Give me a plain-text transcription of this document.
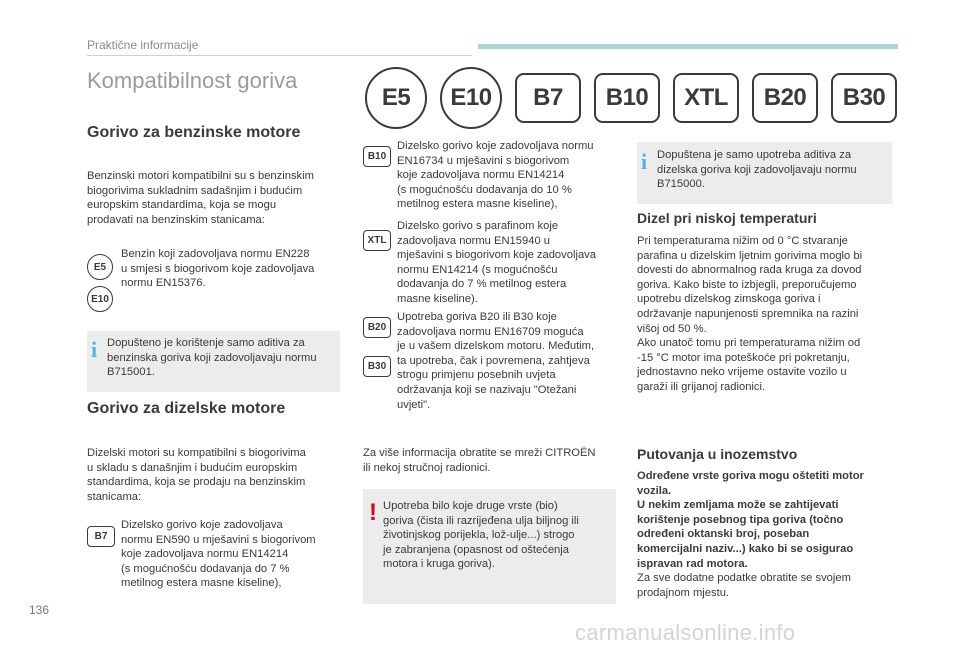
Praktične informacije
Kompatibilnost goriva
E5	E10	B7	B10	XTL	B20	B30
Gorivo za benzinske motore
Benzinski motori kompatibilni su s benzinskim
biogorivima sukladnim sadašnjim i budućim
europskim standardima, koja se mogu
prodavati na benzinskim stanicama:
E5
E10
Benzin koji zadovoljava normu EN228
u smjesi s biogorivom koje zadovoljava
normu EN15376.
i Dopušteno je korištenje samo aditiva za
benzinska goriva koji zadovoljavaju normu
B715001.
Gorivo za dizelske motore
Dizelski motori su kompatibilni s biogorivima
u skladu s današnjim i budućim europskim
standardima, koja se prodaju na benzinskim
stanicama:
B7
Dizelsko gorivo koje zadovoljava
normu EN590 u mješavini s biogorivom
koje zadovoljava normu EN14214
(s mogućnošću dodavanja do 7 %
metilnog estera masne kiseline),
B10
Dizelsko gorivo koje zadovoljava normu
EN16734 u mješavini s biogorivom
koje zadovoljava normu EN14214
(s mogućnošću dodavanja do 10 %
metilnog estera masne kiseline),
XTL
Dizelsko gorivo s parafinom koje
zadovoljava normu EN15940 u
mješavini s biogorivom koje zadovoljava
normu EN14214 (s mogućnošću
dodavanja do 7 % metilnog estera
masne kiseline).
B20
B30
Upotreba goriva B20 ili B30 koje
zadovoljava normu EN16709 moguća
je u vašem dizelskom motoru. Međutim,
ta upotreba, čak i povremena, zahtjeva
strogu primjenu posebnih uvjeta
održavanja koji se nazivaju "Otežani
uvjeti".
Za više informacija obratite se mreži CITROËN
ili nekoj stručnoj radionici.
! Upotreba bilo koje druge vrste (bio)
goriva (čista ili razrijeđena ulja biljnog ili
životinjskog porijekla, lož-ulje...) strogo
je zabranjena (opasnost od oštećenja
motora i kruga goriva).
i Dopuštena je samo upotreba aditiva za
dizelska goriva koji zadovoljavaju normu
B715000.
Dizel pri niskoj temperaturi
Pri temperaturama nižim od 0 °C stvaranje
parafina u dizelskim ljetnim gorivima moglo bi
dovesti do abnormalnog rada kruga za dovod
goriva. Kako biste to izbjegli, preporučujemo
upotrebu dizelskog zimskoga goriva i
održavanje napunjenosti spremnika na razini
višoj od 50 %.
Ako unatoč tomu pri temperaturama nižim od
-15 °C motor ima poteškoće pri pokretanju,
jednostavno neko vrijeme ostavite vozilo u
garaži ili grijanoj radionici.
Putovanja u inozemstvo
Određene vrste goriva mogu oštetiti motor
vozila.
U nekim zemljama može se zahtijevati
korištenje posebnog tipa goriva (točno
određeni oktanski broj, poseban
komercijalni naziv...) kako bi se osigurao
ispravan rad motora.
Za sve dodatne podatke obratite se svojem
prodajnom mjestu.
136
carmanualsonline.info
